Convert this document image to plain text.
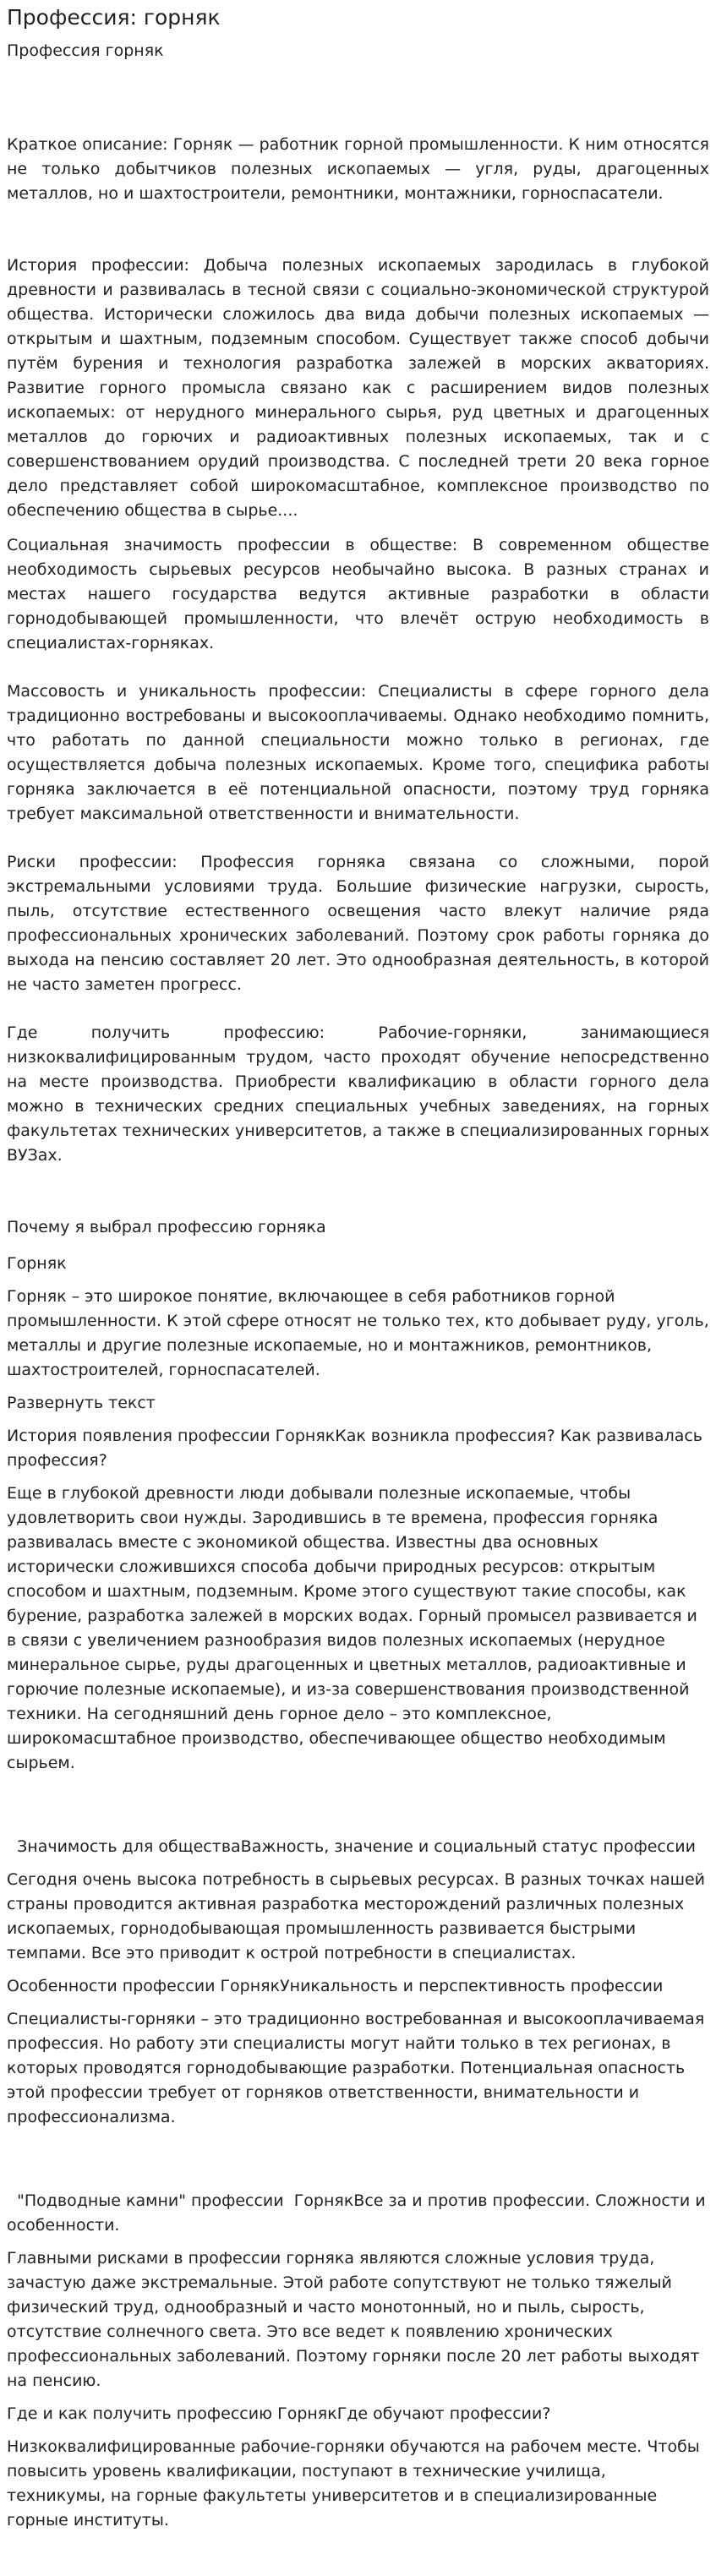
Профессия: горняк

Профессия горняк

Краткое описание: Горняк — работник горной промышленности. К ним относятся не только добытчиков полезных ископаемых — угля, руды, драгоценных металлов, но и шахтостроители, ремонтники, монтажники, горноспасатели.

История профессии: Добыча полезных ископаемых зародилась в глубокой древности и развивалась в тесной связи с социально-экономической структурой общества. Исторически сложилось два вида добычи полезных ископаемых — открытым и шахтным, подземным способом. Существует также способ добычи путём бурения и технология разработка залежей в морских акваториях. Развитие горного промысла связано как с расширением видов полезных ископаемых: от нерудного минерального сырья, руд цветных и драгоценных металлов до горючих и радиоактивных полезных ископаемых, так и с совершенствованием орудий производства. С последней трети 20 века горное дело представляет собой широкомасштабное, комплексное производство по обеспечению общества в сырье....

Социальная значимость профессии в обществе: В современном обществе необходимость сырьевых ресурсов необычайно высока. В разных странах и местах нашего государства ведутся активные разработки в области горнодобывающей промышленности, что влечёт острую необходимость в специалистах-горняках.

Массовость и уникальность профессии: Специалисты в сфере горного дела традиционно востребованы и высокооплачиваемы. Однако необходимо помнить, что работать по данной специальности можно только в регионах, где осуществляется добыча полезных ископаемых. Кроме того, специфика работы горняка заключается в её потенциальной опасности, поэтому труд горняка требует максимальной ответственности и внимательности.

Риски профессии: Профессия горняка связана со сложными, порой экстремальными условиями труда. Большие физические нагрузки, сырость, пыль, отсутствие естественного освещения часто влекут наличие ряда профессиональных хронических заболеваний. Поэтому срок работы горняка до выхода на пенсию составляет 20 лет. Это однообразная деятельность, в которой не часто заметен прогресс.

Где получить профессию: Рабочие-горняки, занимающиеся низкоквалифицированным трудом, часто проходят обучение непосредственно на месте производства. Приобрести квалификацию в области горного дела можно в технических средних специальных учебных заведениях, на горных факультетах технических университетов, а также в специализированных горных ВУЗах.

Почему я выбрал профессию горняка

Горняк

Горняк – это широкое понятие, включающее в себя работников горной промышленности. К этой сфере относят не только тех, кто добывает руду, уголь, металлы и другие полезные ископаемые, но и монтажников, ремонтников, шахтостроителей, горноспасателей.

Развернуть текст

История появления профессии ГорнякКак возникла профессия? Как развивалась профессия?

Еще в глубокой древности люди добывали полезные ископаемые, чтобы удовлетворить свои нужды. Зародившись в те времена, профессия горняка развивалась вместе с экономикой общества. Известны два основных исторически сложившихся способа добычи природных ресурсов: открытым способом и шахтным, подземным. Кроме этого существуют такие способы, как бурение, разработка залежей в морских водах. Горный промысел развивается и в связи с увеличением разнообразия видов полезных ископаемых (нерудное минеральное сырье, руды драгоценных и цветных металлов, радиоактивные и горючие полезные ископаемые), и из-за совершенствования производственной техники. На сегодняшний день горное дело – это комплексное, широкомасштабное производство, обеспечивающее общество необходимым сырьем.

Значимость для обществаВажность, значение и социальный статус профессии

Сегодня очень высока потребность в сырьевых ресурсах. В разных точках нашей страны проводится активная разработка месторождений различных полезных ископаемых, горнодобывающая промышленность развивается быстрыми темпами. Все это приводит к острой потребности в специалистах.

Особенности профессии ГорнякУникальность и перспективность профессии

Специалисты-горняки – это традиционно востребованная и высокооплачиваемая профессия. Но работу эти специалисты могут найти только в тех регионах, в которых проводятся горнодобывающие разработки. Потенциальная опасность этой профессии требует от горняков ответственности, внимательности и профессионализма.

"Подводные камни" профессии  ГорнякВсе за и против профессии. Сложности и особенности.

Главными рисками в профессии горняка являются сложные условия труда, зачастую даже экстремальные. Этой работе сопутствуют не только тяжелый физический труд, однообразный и часто монотонный, но и пыль, сырость, отсутствие солнечного света. Это все ведет к появлению хронических профессиональных заболеваний. Поэтому горняки после 20 лет работы выходят на пенсию.

Где и как получить профессию ГорнякГде обучают профессии?

Низкоквалифицированные рабочие-горняки обучаются на рабочем месте. Чтобы повысить уровень квалификации, поступают в технические училища, техникумы, на горные факультеты университетов и в специализированные горные институты.
